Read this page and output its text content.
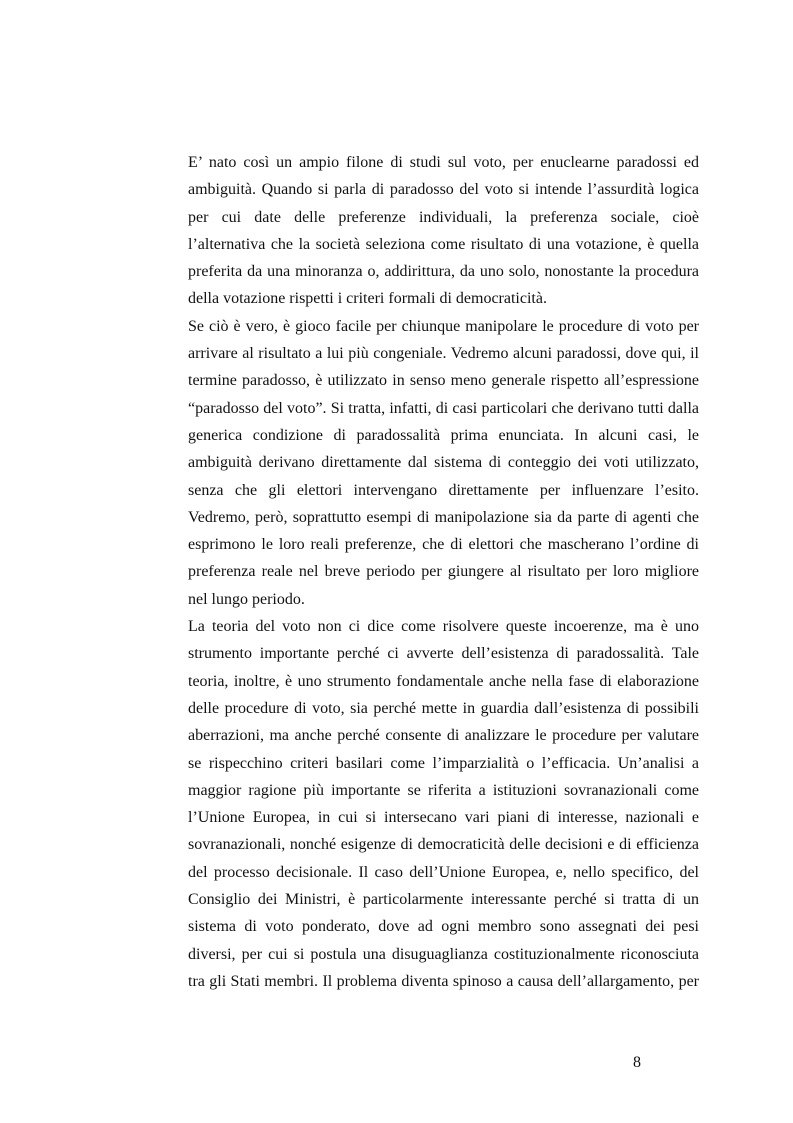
E’ nato così un ampio filone di studi sul voto, per enuclearne paradossi ed
ambiguità. Quando si parla di paradosso del voto si intende l’assurdità logica
per cui date delle preferenze individuali, la preferenza sociale, cioè
l’alternativa che la società seleziona come risultato di una votazione, è quella
preferita da una minoranza o, addirittura, da uno solo, nonostante la procedura
della votazione rispetti i criteri formali di democraticità.
Se ciò è vero, è gioco facile per chiunque manipolare le procedure di voto per
arrivare al risultato a lui più congeniale. Vedremo alcuni paradossi, dove qui, il
termine paradosso, è utilizzato in senso meno generale rispetto all’espressione
“paradosso del voto”. Si tratta, infatti, di casi particolari che derivano tutti dalla
generica condizione di paradossalità prima enunciata. In alcuni casi, le
ambiguità derivano direttamente dal sistema di conteggio dei voti utilizzato,
senza che gli elettori intervengano direttamente per influenzare l’esito.
Vedremo, però, soprattutto esempi di manipolazione sia da parte di agenti che
esprimono le loro reali preferenze, che di elettori che mascherano l’ordine di
preferenza reale nel breve periodo per giungere al risultato per loro migliore
nel lungo periodo.
La teoria del voto non ci dice come risolvere queste incoerenze, ma è uno
strumento importante perché ci avverte dell’esistenza di paradossalità. Tale
teoria, inoltre, è uno strumento fondamentale anche nella fase di elaborazione
delle procedure di voto, sia perché mette in guardia dall’esistenza di possibili
aberrazioni, ma anche perché consente di analizzare le procedure per valutare
se rispecchino criteri basilari come l’imparzialità o l’efficacia. Un’analisi a
maggior ragione più importante se riferita a istituzioni sovranazionali come
l’Unione Europea, in cui si intersecano vari piani di interesse, nazionali e
sovranazionali, nonché esigenze di democraticità delle decisioni e di efficienza
del processo decisionale. Il caso dell’Unione Europea, e, nello specifico, del
Consiglio dei Ministri, è particolarmente interessante perché si tratta di un
sistema di voto ponderato, dove ad ogni membro sono assegnati dei pesi
diversi, per cui si postula una disuguaglianza costituzionalmente riconosciuta
tra gli Stati membri. Il problema diventa spinoso a causa dell’allargamento, per
8
